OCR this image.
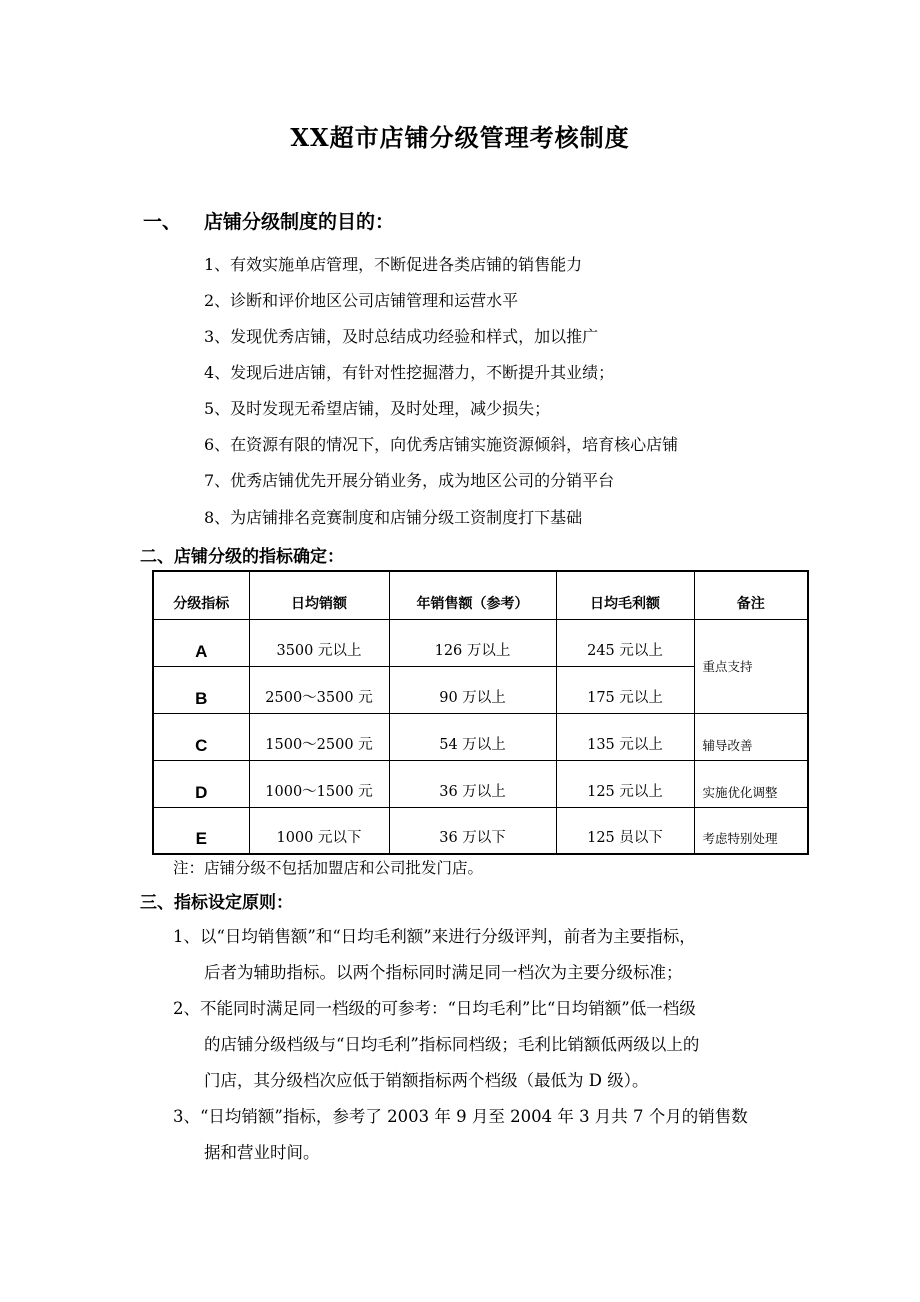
XX超市店铺分级管理考核制度
一、 店铺分级制度的目的：
1、有效实施单店管理，不断促进各类店铺的销售能力
2、诊断和评价地区公司店铺管理和运营水平
3、发现优秀店铺，及时总结成功经验和样式，加以推广
4、发现后进店铺，有针对性挖掘潜力，不断提升其业绩；
5、及时发现无希望店铺，及时处理，减少损失；
6、在资源有限的情况下，向优秀店铺实施资源倾斜，培育核心店铺
7、优秀店铺优先开展分销业务，成为地区公司的分销平台
8、为店铺排名竞赛制度和店铺分级工资制度打下基础
二、店铺分级的指标确定：
分级指标	日均销额	年销售额（参考）	日均毛利额	备注
A	3500 元以上	126 万以上	245 元以上	重点支持
B	2500～3500 元	90 万以上	175 元以上	
C	1500～2500 元	54 万以上	135 元以上	辅导改善
D	1000～1500 元	36 万以上	125 元以上	实施优化调整
E	1000 元以下	36 万以下	125 员以下	考虑特别处理
注：店铺分级不包括加盟店和公司批发门店。
三、指标设定原则：
1、以“日均销售额”和“日均毛利额”来进行分级评判，前者为主要指标，
后者为辅助指标。以两个指标同时满足同一档次为主要分级标准；
2、不能同时满足同一档级的可参考：“日均毛利”比“日均销额”低一档级
的店铺分级档级与“日均毛利”指标同档级；毛利比销额低两级以上的
门店，其分级档次应低于销额指标两个档级（最低为 D 级）。
3、“日均销额”指标，参考了 2003 年 9 月至 2004 年 3 月共 7 个月的销售数
据和营业时间。
